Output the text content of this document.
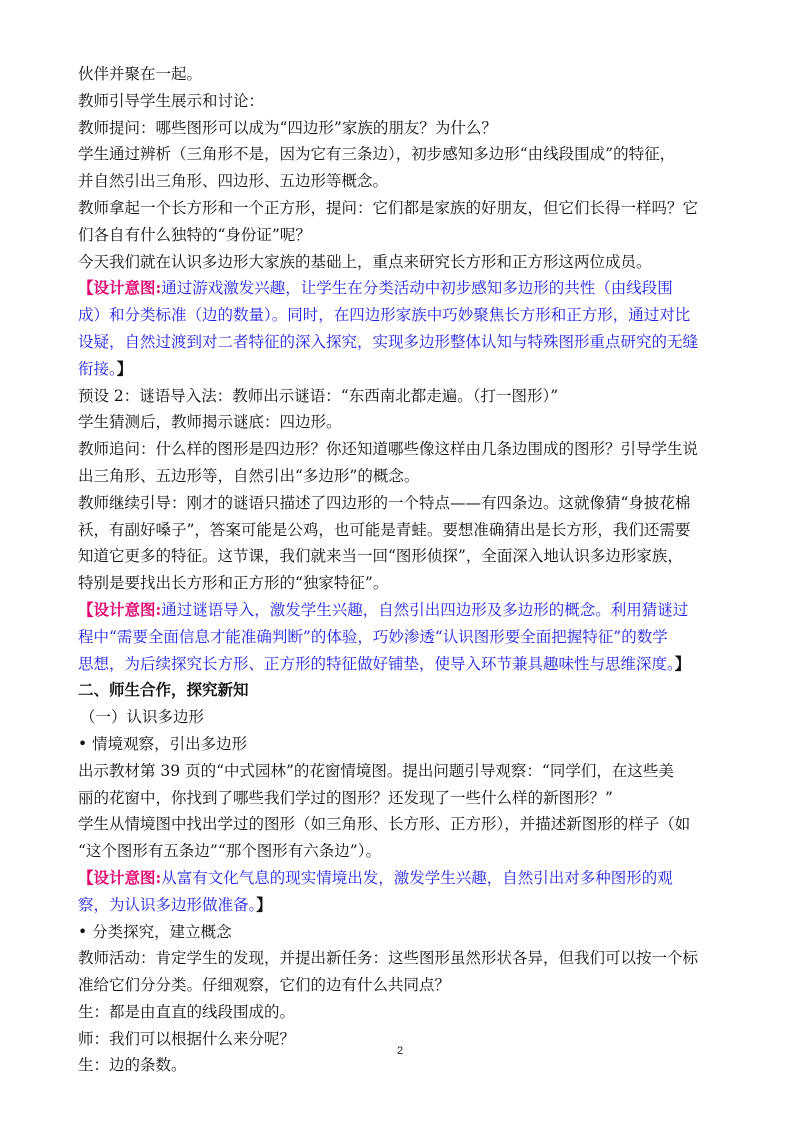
伙伴并聚在一起。
教师引导学生展示和讨论：
教师提问：哪些图形可以成为“四边形”家族的朋友？为什么？
学生通过辨析（三角形不是，因为它有三条边），初步感知多边形“由线段围成”的特征，
并自然引出三角形、四边形、五边形等概念。
教师拿起一个长方形和一个正方形，提问：它们都是家族的好朋友，但它们长得一样吗？它
们各自有什么独特的“身份证”呢？
今天我们就在认识多边形大家族的基础上，重点来研究长方形和正方形这两位成员。
【设计意图:通过游戏激发兴趣，让学生在分类活动中初步感知多边形的共性（由线段围
成）和分类标准（边的数量）。同时，在四边形家族中巧妙聚焦长方形和正方形，通过对比
设疑，自然过渡到对二者特征的深入探究，实现多边形整体认知与特殊图形重点研究的无缝
衔接。】
预设 2：谜语导入法：教师出示谜语：“东西南北都走遍。（打一图形）”
学生猜测后，教师揭示谜底：四边形。
教师追问：什么样的图形是四边形？你还知道哪些像这样由几条边围成的图形？引导学生说
出三角形、五边形等，自然引出“多边形”的概念。
教师继续引导：刚才的谜语只描述了四边形的一个特点——有四条边。这就像猜“身披花棉
袄，有副好嗓子”，答案可能是公鸡，也可能是青蛙。要想准确猜出是长方形，我们还需要
知道它更多的特征。这节课，我们就来当一回“图形侦探”，全面深入地认识多边形家族，
特别是要找出长方形和正方形的“独家特征”。
【设计意图:通过谜语导入，激发学生兴趣，自然引出四边形及多边形的概念。利用猜谜过
程中“需要全面信息才能准确判断”的体验，巧妙渗透“认识图形要全面把握特征”的数学
思想，为后续探究长方形、正方形的特征做好铺垫，使导入环节兼具趣味性与思维深度。】
二、师生合作，探究新知
（一）认识多边形
• 情境观察，引出多边形
出示教材第 39 页的“中式园林”的花窗情境图。提出问题引导观察：“同学们，在这些美
丽的花窗中，你找到了哪些我们学过的图形？还发现了一些什么样的新图形？”
学生从情境图中找出学过的图形（如三角形、长方形、正方形），并描述新图形的样子（如
“这个图形有五条边”“那个图形有六条边”）。
【设计意图:从富有文化气息的现实情境出发，激发学生兴趣，自然引出对多种图形的观
察，为认识多边形做准备。】
• 分类探究，建立概念
教师活动：肯定学生的发现，并提出新任务：这些图形虽然形状各异，但我们可以按一个标
准给它们分分类。仔细观察，它们的边有什么共同点？
生：都是由直直的线段围成的。
师：我们可以根据什么来分呢？
生：边的条数。
2
